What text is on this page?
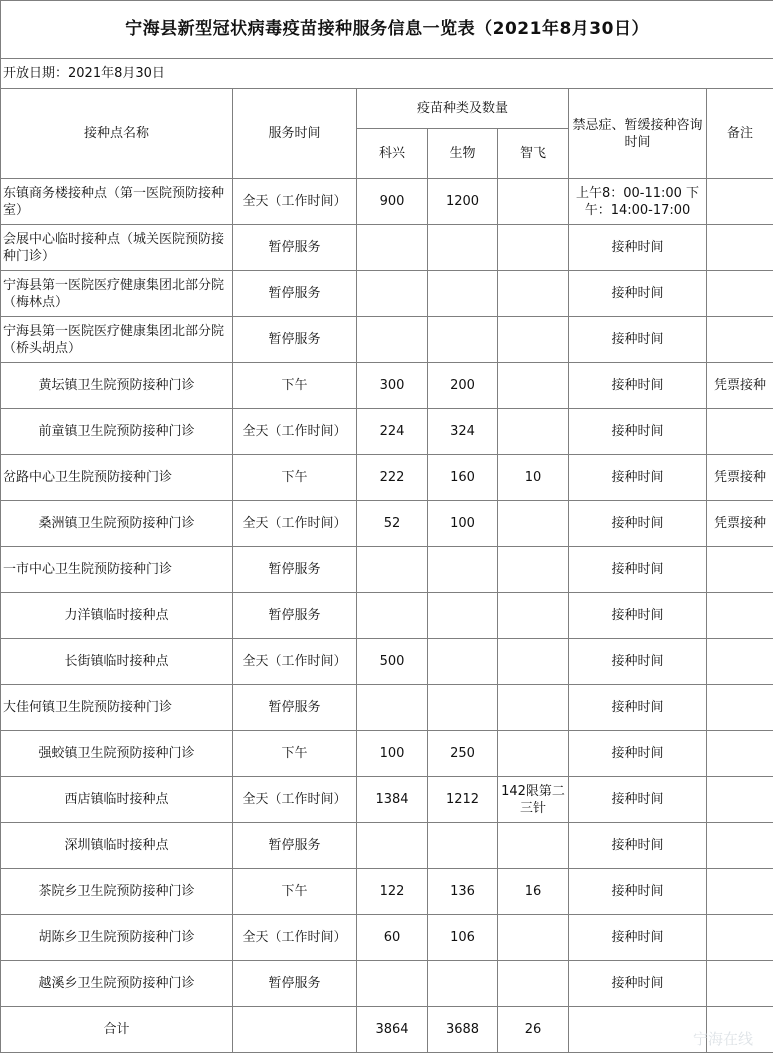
宁海县新型冠状病毒疫苗接种服务信息一览表（2021年8月30日）						
开放日期：2021年8月30日						
接种点名称	服务时间	疫苗种类及数量			禁忌症、暂缓接种咨询时间	备注
		科兴	生物	智飞		
东镇商务楼接种点（第一医院预防接种室）	全天（工作时间）	900	1200		上午8：00-11:00 下午：14:00-17:00	
会展中心临时接种点（城关医院预防接种门诊）	暂停服务				接种时间	
宁海县第一医院医疗健康集团北部分院（梅林点）	暂停服务				接种时间	
宁海县第一医院医疗健康集团北部分院（桥头胡点）	暂停服务				接种时间	
黄坛镇卫生院预防接种门诊	下午	300	200		接种时间	凭票接种
前童镇卫生院预防接种门诊	全天（工作时间）	224	324		接种时间	
岔路中心卫生院预防接种门诊	下午	222	160	10	接种时间	凭票接种
桑洲镇卫生院预防接种门诊	全天（工作时间）	52	100		接种时间	凭票接种
一市中心卫生院预防接种门诊	暂停服务				接种时间	
力洋镇临时接种点	暂停服务				接种时间	
长街镇临时接种点	全天（工作时间）	500			接种时间	
大佳何镇卫生院预防接种门诊	暂停服务				接种时间	
强蛟镇卫生院预防接种门诊	下午	100	250		接种时间	
西店镇临时接种点	全天（工作时间）	1384	1212	142限第二三针	接种时间	
深圳镇临时接种点	暂停服务				接种时间	
茶院乡卫生院预防接种门诊	下午	122	136	16	接种时间	
胡陈乡卫生院预防接种门诊	全天（工作时间）	60	106		接种时间	
越溪乡卫生院预防接种门诊	暂停服务				接种时间	
合计		3864	3688	26		
宁海在线
